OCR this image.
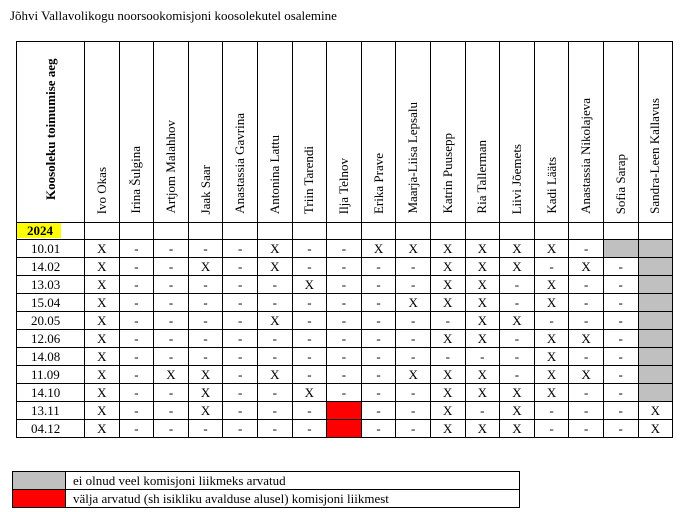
Jõhvi Vallavolikogu noorsookomisjoni koosolekutel osalemine
Koosoleku toimumise aeg	Ivo Okas	Irina Šulgina	Artjom Malahhov	Jaak Saar	Anastassia Gavrina	Antonina Lattu	Triin Tarendi	Ilja Telnov	Erika Prave	Maarja-Liisa Lepsalu	Katrin Puusepp	Ria Tallerman	Liivi Jõemets	Kadi Lääts	Anastassia Nikolajeva	Sofia Sarap	Sandra-Leen Kallavus

2024																	
10.01	X	-	-	-	-	X	-	-	X	X	X	X	X	X	-		
14.02	X	-	-	X	-	X	-	-	-	-	X	X	X	-	X	-	
13.03	X	-	-	-	-	-	X	-	-	-	X	X	-	X	-	-	
15.04	X	-	-	-	-	-	-	-	-	X	X	X	-	X	-	-	
20.05	X	-	-	-	-	X	-	-	-	-	-	X	X	-	-	-	
12.06	X	-	-	-	-	-	-	-	-	-	X	X	-	X	X	-	
14.08	X	-	-	-	-	-	-	-	-	-	-	-	-	X	-	-	
11.09	X	-	X	X	-	X	-	-	-	X	X	X	-	X	X	-	
14.10	X	-	-	X	-	-	X	-	-	-	X	X	X	X	-	-	
13.11	X	-	-	X	-	-	-		-	-	X	-	X	-	-	-	X
04.12	X	-	-	-	-	-	-		-	-	X	X	X	-	-	-	X
	ei olnud veel komisjoni liikmeks arvatud
	välja arvatud (sh isikliku avalduse alusel) komisjoni liikmest
